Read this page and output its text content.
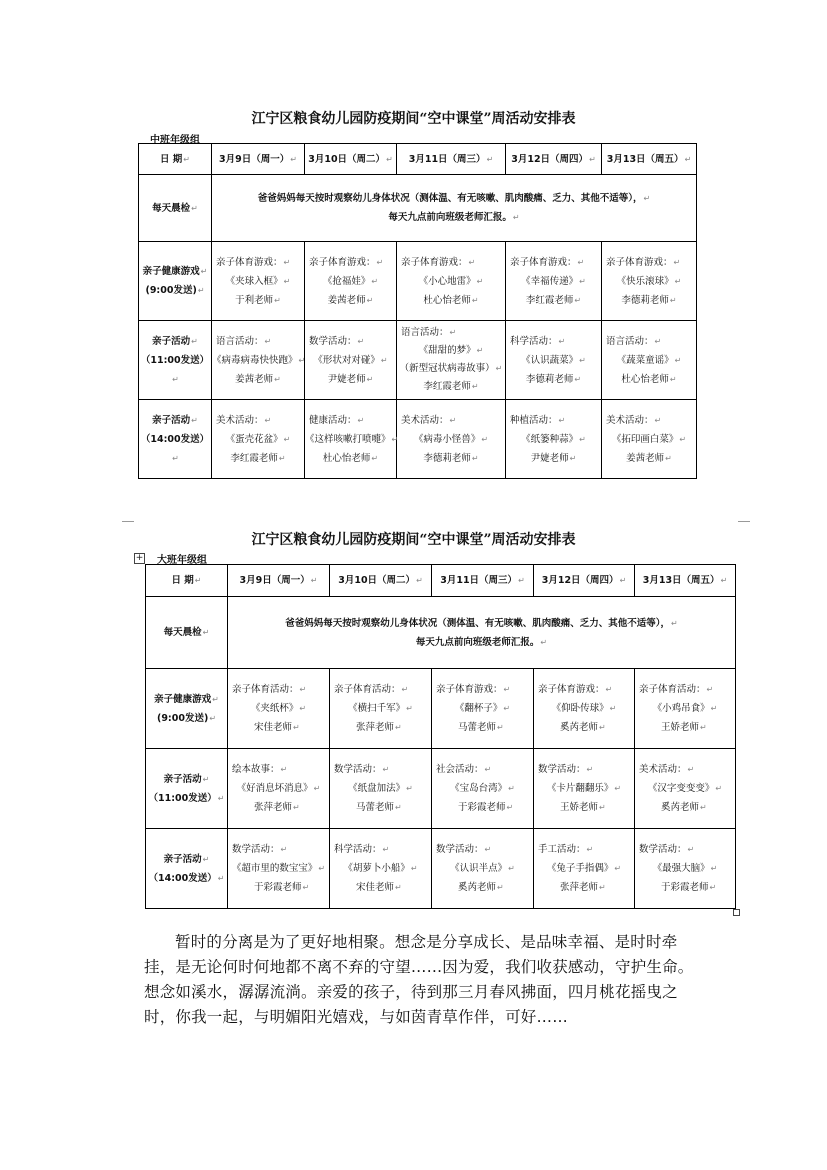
江宁区粮食幼儿园防疫期间“空中课堂”周活动安排表
中班年级组
日 期↵	3月9日（周一）↵	3月10日（周二）↵	3月11日（周三）↵	3月12日（周四）↵	3月13日（周五）↵
每天晨检↵	爸爸妈妈每天按时观察幼儿身体状况（测体温、有无咳嗽、肌肉酸痛、乏力、其他不适等），↵
每天九点前向班级老师汇报。↵				
亲子健康游戏↵
(9:00发送)↵	亲子体育游戏：↵
《夹球入框》↵
于利老师↵	亲子体育游戏：↵
《抢福娃》↵
姜茜老师↵	亲子体育游戏：↵
《小心地雷》↵
杜心怡老师↵	亲子体育游戏：↵
《幸福传递》↵
李红霞老师↵	亲子体育游戏：↵
《快乐滚球》↵
李德莉老师↵

亲子活动↵
（11:00发送）↵	语言活动：↵
《病毒病毒快快跑》↵
姜茜老师↵	数学活动：↵
《形状对对碰》↵
尹婕老师↵	语言活动：↵
《甜甜的梦》↵
（新型冠状病毒故事）↵
李红霞老师↵	科学活动：↵
《认识蔬菜》↵
李德莉老师↵	语言活动：↵
《蔬菜童谣》↵
杜心怡老师↵

亲子活动↵
（14:00发送）↵	美术活动：↵
《蛋壳花盆》↵
李红霞老师↵	健康活动：↵
《这样咳嗽打喷嚏》↵
杜心怡老师↵	美术活动：↵
《病毒小怪兽》↵
李德莉老师↵	种植活动：↵
《纸篓种蒜》↵
尹婕老师↵	美术活动：↵
《拓印画白菜》↵
姜茜老师↵
江宁区粮食幼儿园防疫期间“空中课堂”周活动安排表
+ 大班年级组
日 期↵	3月9日（周一）↵	3月10日（周二）↵	3月11日（周三）↵	3月12日（周四）↵	3月13日（周五）↵
每天晨检↵	爸爸妈妈每天按时观察幼儿身体状况（测体温、有无咳嗽、肌肉酸痛、乏力、其他不适等），↵
每天九点前向班级老师汇报。↵				
亲子健康游戏↵
(9:00发送)↵	亲子体育活动：↵
《夹纸杯》↵
宋佳老师↵	亲子体育活动：↵
《横扫千军》↵
张萍老师↵	亲子体育游戏：↵
《翻杯子》↵
马蕾老师↵	亲子体育游戏：↵
《仰卧传球》↵
奚芮老师↵	亲子体育活动：↵
《小鸡吊食》↵
王娇老师↵

亲子活动↵
（11:00发送）↵	绘本故事：↵
《好消息坏消息》↵
张萍老师↵	数学活动：↵
《纸盘加法》↵
马蕾老师↵	社会活动：↵
《宝岛台湾》↵
于彩霞老师↵	数学活动：↵
《卡片翻翻乐》↵
王娇老师↵	美术活动：↵
《汉字变变变》↵
奚芮老师↵

亲子活动↵
（14:00发送）↵	数学活动：↵
《超市里的数宝宝》↵
于彩霞老师↵	科学活动：↵
《胡萝卜小船》↵
宋佳老师↵	数学活动：↵
《认识半点》↵
奚芮老师↵	手工活动：↵
《兔子手指偶》↵
张萍老师↵	数学活动：↵
《最强大脑》↵
于彩霞老师↵
暂时的分离是为了更好地相聚。想念是分享成长、是品味幸福、是时时牵挂，是无论何时何地都不离不弃的守望……因为爱，我们收获感动，守护生命。想念如溪水，潺潺流淌。亲爱的孩子，待到那三月春风拂面，四月桃花摇曳之时，你我一起，与明媚阳光嬉戏，与如茵青草作伴，可好……
